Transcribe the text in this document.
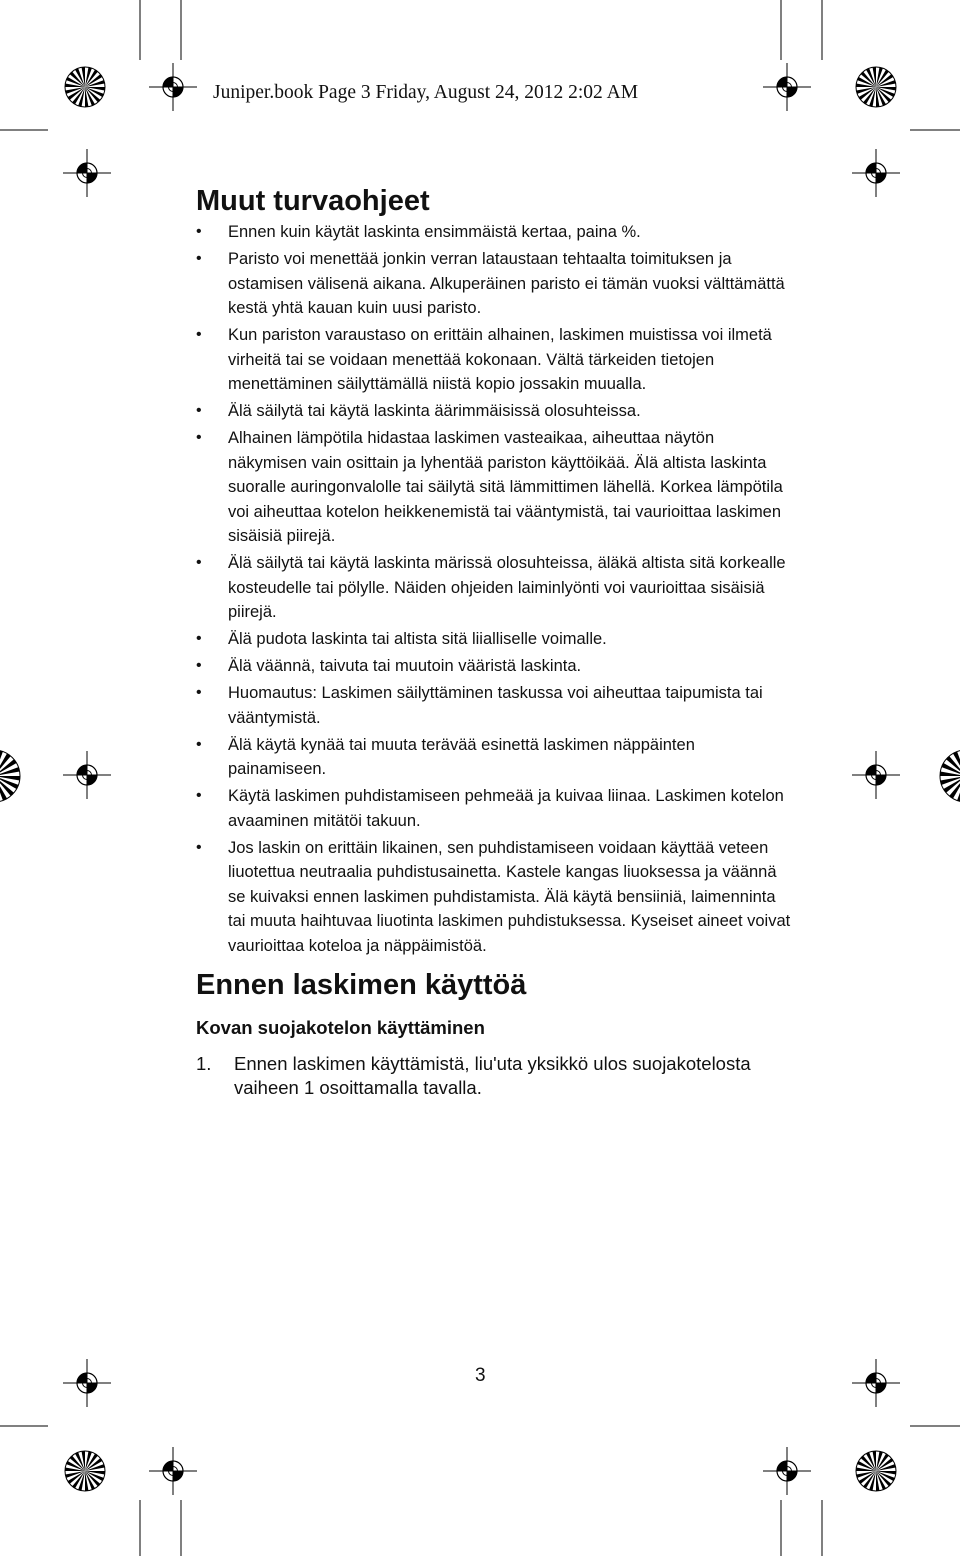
Juniper.book Page 3 Friday, August 24, 2012 2:02 AM
Muut turvaohjeet
• Ennen kuin käytät laskinta ensimmäistä kertaa, paina %.
• Paristo voi menettää jonkin verran lataustaan tehtaalta toimituksen ja ostamisen välisenä aikana. Alkuperäinen paristo ei tämän vuoksi välttämättä kestä yhtä kauan kuin uusi paristo.
• Kun pariston varaustaso on erittäin alhainen, laskimen muistissa voi ilmetä virheitä tai se voidaan menettää kokonaan. Vältä tärkeiden tietojen menettäminen säilyttämällä niistä kopio jossakin muualla.
• Älä säilytä tai käytä laskinta äärimmäisissä olosuhteissa.
• Alhainen lämpötila hidastaa laskimen vasteaikaa, aiheuttaa näytön näkymisen vain osittain ja lyhentää pariston käyttöikää. Älä altista laskinta suoralle auringonvalolle tai säilytä sitä lämmittimen lähellä. Korkea lämpötila voi aiheuttaa kotelon heikkenemistä tai vääntymistä, tai vaurioittaa laskimen sisäisiä piirejä.
• Älä säilytä tai käytä laskinta märissä olosuhteissa, äläkä altista sitä korkealle kosteudelle tai pölylle. Näiden ohjeiden laiminlyönti voi vaurioittaa sisäisiä piirejä.
• Älä pudota laskinta tai altista sitä liialliselle voimalle.
• Älä väännä, taivuta tai muutoin vääristä laskinta.
• Huomautus: Laskimen säilyttäminen taskussa voi aiheuttaa taipumista tai vääntymistä.
• Älä käytä kynää tai muuta terävää esinettä laskimen näppäinten painamiseen.
• Käytä laskimen puhdistamiseen pehmeää ja kuivaa liinaa. Laskimen kotelon avaaminen mitätöi takuun.
• Jos laskin on erittäin likainen, sen puhdistamiseen voidaan käyttää veteen liuotettua neutraalia puhdistusainetta. Kastele kangas liuoksessa ja väännä se kuivaksi ennen laskimen puhdistamista. Älä käytä bensiiniä, laimenninta tai muuta haihtuvaa liuotinta laskimen puhdistuksessa. Kyseiset aineet voivat vaurioittaa koteloa ja näppäimistöä.
Ennen laskimen käyttöä
Kovan suojakotelon käyttäminen
1. Ennen laskimen käyttämistä, liu'uta yksikkö ulos suojakotelosta vaiheen 1 osoittamalla tavalla.
3
